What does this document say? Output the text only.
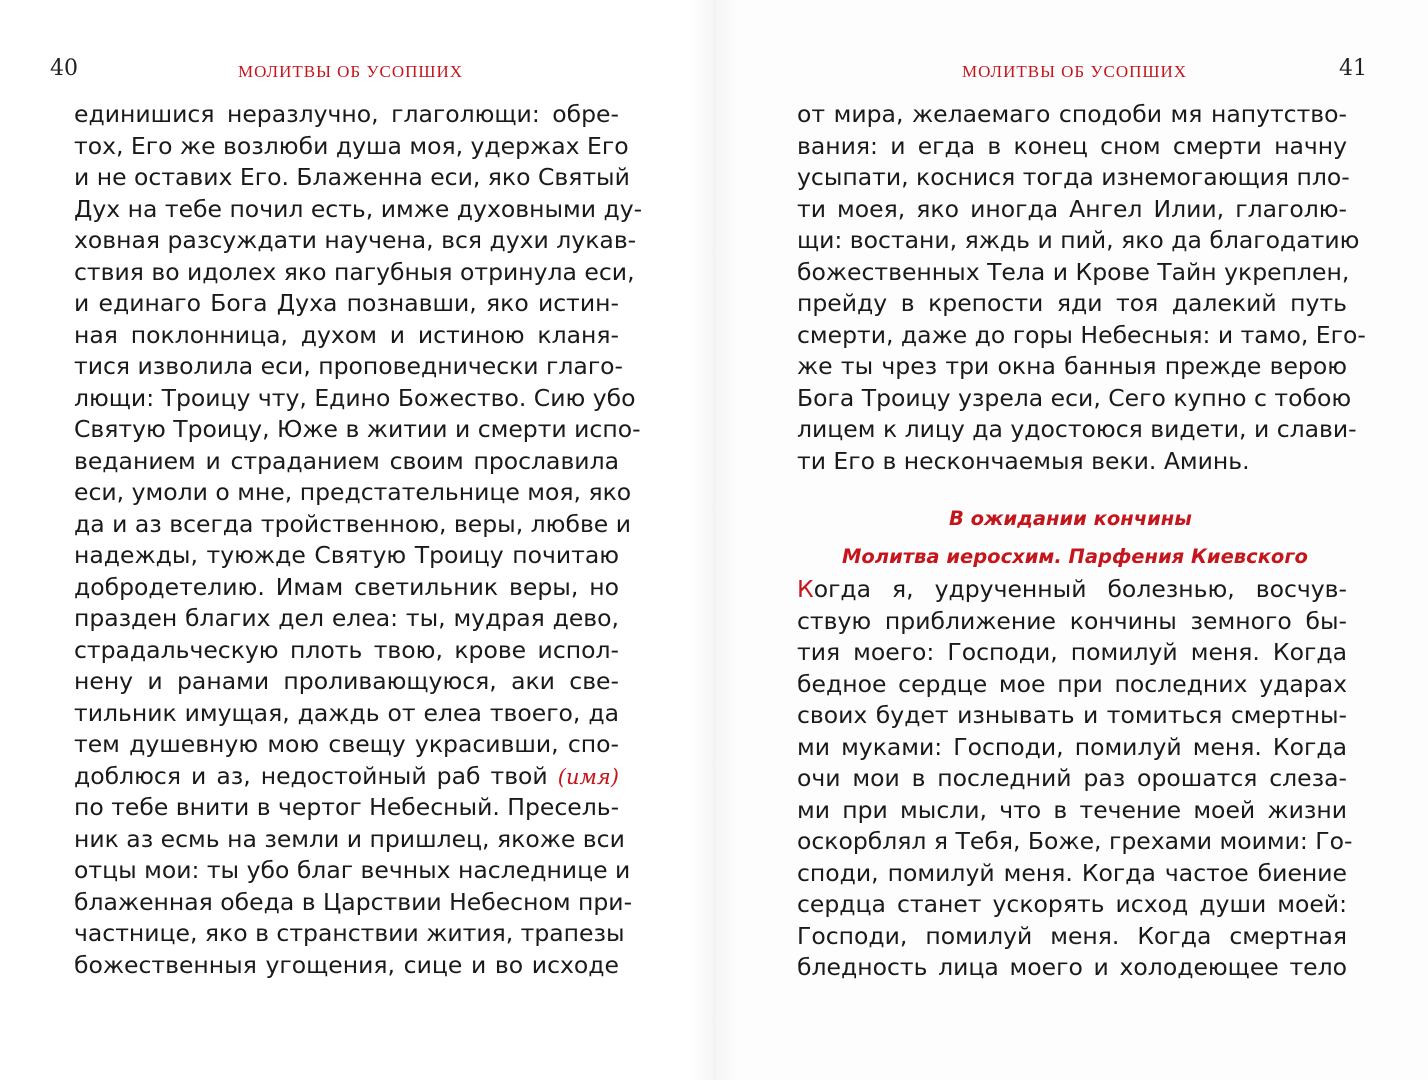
40	МОЛИТВЫ ОБ УСОПШИХ
единишися неразлучно, глаголющи: обре-
тох, Его же возлюби душа моя, удержах Его
и не оставих Его. Блаженна еси, яко Святый
Дух на тебе почил есть, имже духовными ду-
ховная разсуждати научена, вся духи лукав-
ствия во идолех яко пагубныя отринула еси,
и единаго Бога Духа познавши, яко истин-
ная поклонница, духом и истиною кланя-
тися изволила еси, проповеднически глаго-
лющи: Троицу чту, Едино Божество. Сию убо
Святую Троицу, Юже в житии и смерти испо-
веданием и страданием своим прославила
еси, умоли о мне, предстательнице моя, яко
да и аз всегда тройственною, веры, любве и
надежды, туюжде Святую Троицу почитаю
добродетелию. Имам светильник веры, но
празден благих дел елеа: ты, мудрая дево,
страдальческую плоть твою, крове испол-
нену и ранами проливающуюся, аки све-
тильник имущая, даждь от елеа твоего, да
тем душевную мою свещу украсивши, спо-
доблюся и аз, недостойный раб твой (имя)
по тебе внити в чертог Небесный. Пресель-
ник аз есмь на земли и пришлец, якоже вси
отцы мои: ты убо благ вечных наследнице и
блаженная обеда в Царствии Небесном при-
частнице, яко в странствии жития, трапезы
божественныя угощения, сице и во исходе
МОЛИТВЫ ОБ УСОПШИХ	41
от мира, желаемаго сподоби мя напутство-
вания: и егда в конец сном смерти начну
усыпати, коснися тогда изнемогающия пло-
ти моея, яко иногда Ангел Илии, глаголю-
щи: востани, яждь и пий, яко да благодатию
божественных Тела и Крове Тайн укреплен,
прейду в крепости яди тоя далекий путь
смерти, даже до горы Небесныя: и тамо, Его-
же ты чрез три окна банныя прежде верою
Бога Троицу узрела еси, Сего купно с тобою
лицем к лицу да удостоюся видети, и слави-
ти Его в нескончаемыя веки. Аминь.
В ожидании кончины
Молитва иеросхим. Парфения Киевского
Когда я, удрученный болезнью, восчув-
ствую приближение кончины земного бы-
тия моего: Господи, помилуй меня. Когда
бедное сердце мое при последних ударах
своих будет изнывать и томиться смертны-
ми муками: Господи, помилуй меня. Когда
очи мои в последний раз орошатся слеза-
ми при мысли, что в течение моей жизни
оскорблял я Тебя, Боже, грехами моими: Го-
споди, помилуй меня. Когда частое биение
сердца станет ускорять исход души моей:
Господи, помилуй меня. Когда смертная
бледность лица моего и холодеющее тело
